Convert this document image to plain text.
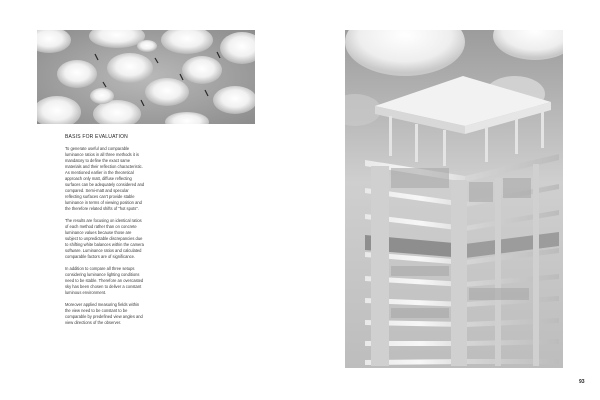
BASIS FOR EVALUATION

To generate useful and comparable luminance ratios in all three methods it is mandatory to define the exact same materials and their reflection characteristic. As mentioned earlier in the theoretical approach only matt, diffuse reflecting surfaces can be adequately considered and compared. Semi-matt and specular reflecting surfaces can't provide stable luminance in terms of viewing position and the therefore related shifts of "hot spots".

The results are focusing on identical ratios of each method rather than on concrete luminance values because those are subject to unpredictable discrepancies due to shifting white balances within the camera software. Luminance ratios and calculated comparable factors are of significance.

In addition to compare all three setups considering luminance lighting conditions need to be stable. Therefore an overcasted sky has been chosen to deliver a constant luminous environment.

Moreover applied measuring fields within the view need to be constant to be comparable by predefined view angles and view directions of the observer.

93
